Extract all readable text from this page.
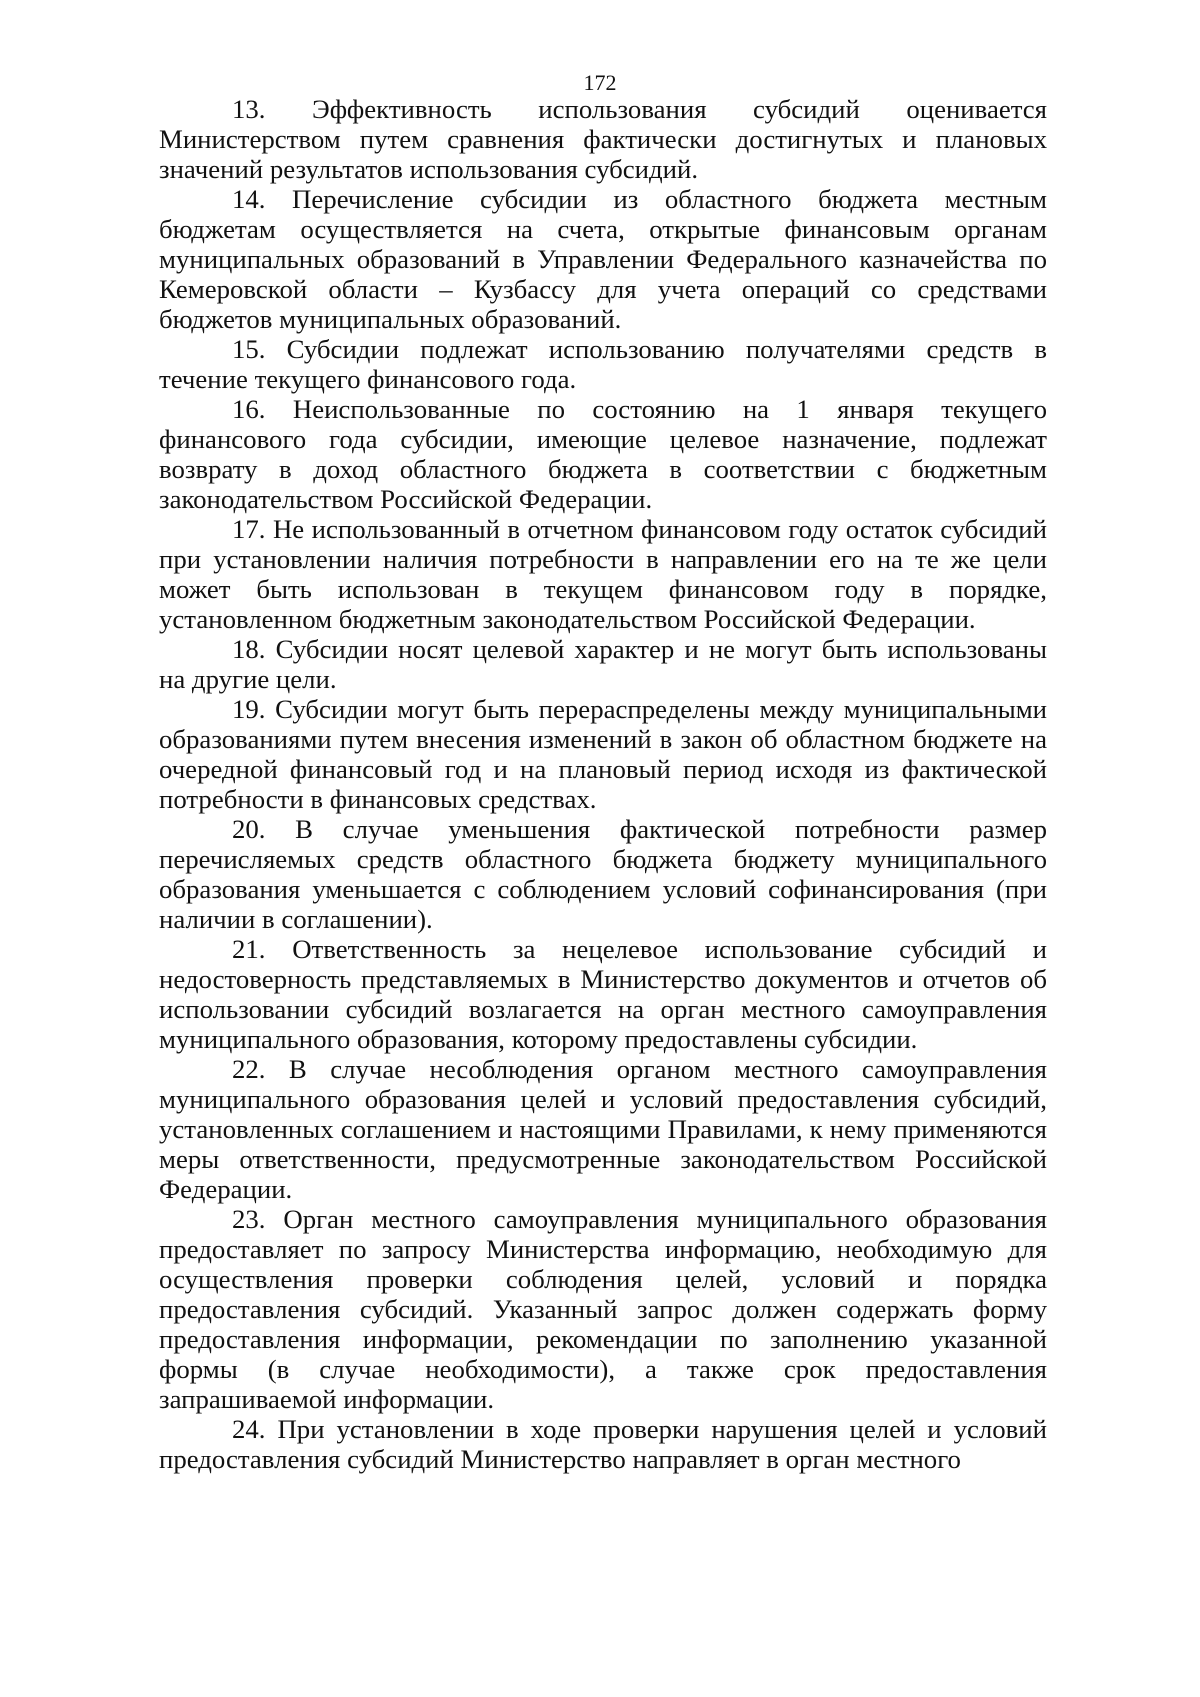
172

13. Эффективность использования субсидий оценивается Министерством путем сравнения фактически достигнутых и плановых значений результатов использования субсидий.

14. Перечисление субсидии из областного бюджета местным бюджетам осуществляется на счета, открытые финансовым органам муниципальных образований в Управлении Федерального казначейства по Кемеровской области – Кузбассу для учета операций со средствами бюджетов муниципальных образований.

15. Субсидии подлежат использованию получателями средств в течение текущего финансового года.

16. Неиспользованные по состоянию на 1 января текущего финансового года субсидии, имеющие целевое назначение, подлежат возврату в доход областного бюджета в соответствии с бюджетным законодательством Российской Федерации.

17. Не использованный в отчетном финансовом году остаток субсидий при установлении наличия потребности в направлении его на те же цели может быть использован в текущем финансовом году в порядке, установленном бюджетным законодательством Российской Федерации.

18. Субсидии носят целевой характер и не могут быть использованы на другие цели.

19. Субсидии могут быть перераспределены между муниципальными образованиями путем внесения изменений в закон об областном бюджете на очередной финансовый год и на плановый период исходя из фактической потребности в финансовых средствах.

20. В случае уменьшения фактической потребности размер перечисляемых средств областного бюджета бюджету муниципального образования уменьшается с соблюдением условий софинансирования (при наличии в соглашении).

21. Ответственность за нецелевое использование субсидий и недостоверность представляемых в Министерство документов и отчетов об использовании субсидий возлагается на орган местного самоуправления муниципального образования, которому предоставлены субсидии.

22. В случае несоблюдения органом местного самоуправления муниципального образования целей и условий предоставления субсидий, установленных соглашением и настоящими Правилами, к нему применяются меры ответственности, предусмотренные законодательством Российской Федерации.

23. Орган местного самоуправления муниципального образования предоставляет по запросу Министерства информацию, необходимую для осуществления проверки соблюдения целей, условий и порядка предоставления субсидий. Указанный запрос должен содержать форму предоставления информации, рекомендации по заполнению указанной формы (в случае необходимости), а также срок предоставления запрашиваемой информации.

24. При установлении в ходе проверки нарушения целей и условий предоставления субсидий Министерство направляет в орган местного
